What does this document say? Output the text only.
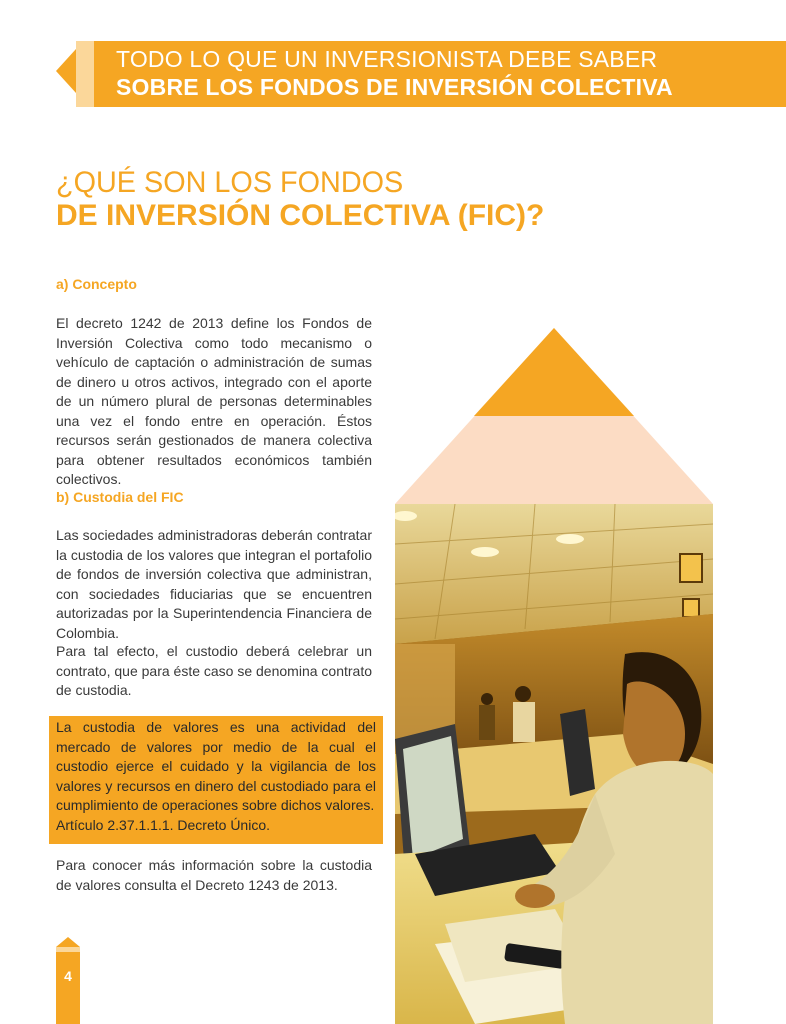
TODO LO QUE UN INVERSIONISTA DEBE SABER
SOBRE LOS FONDOS DE INVERSIÓN COLECTIVA
¿QUÉ SON LOS FONDOS
DE INVERSIÓN COLECTIVA (FIC)?
a) Concepto
El decreto 1242 de 2013 define los Fondos de Inversión Colectiva como todo mecanismo o vehículo de captación o administración de sumas de dinero u otros activos, integrado con el aporte de un número plural de personas determinables una vez el fondo entre en operación. Éstos recursos serán gestionados de manera colectiva para obtener resultados económicos también colectivos.
b) Custodia del FIC
Las sociedades administradoras deberán contratar la custodia de los valores que integran el portafolio de fondos de inversión colectiva que administran, con sociedades fiduciarias que se encuentren autorizadas por la Superintendencia Financiera de Colombia.
Para tal efecto, el custodio deberá celebrar un contrato, que para éste caso se denomina contrato de custodia.
La custodia de valores es una actividad del mercado de valores por medio de la cual el custodio ejerce el cuidado y la vigilancia de los valores y recursos en dinero del custodiado para el cumplimiento de operaciones sobre dichos valores.
Artículo 2.37.1.1.1. Decreto Único.
Para conocer más información sobre la custodia de valores consulta el Decreto 1243 de 2013.
4
